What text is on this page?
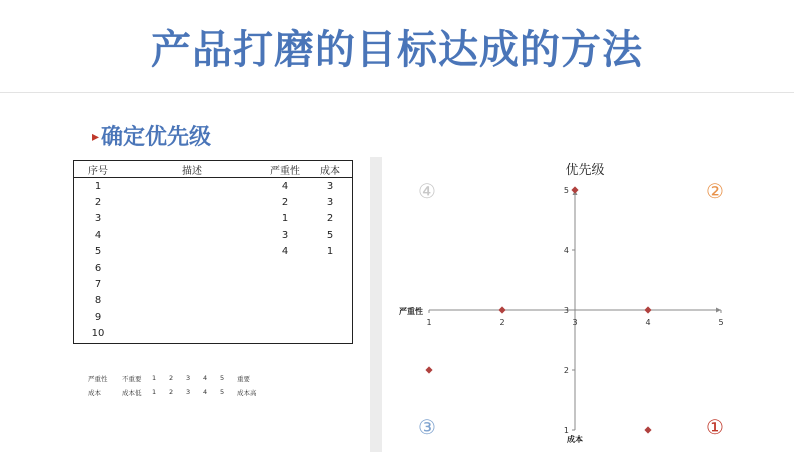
产品打磨的目标达成的方法
▸确定优先级
序号	描述	严重性	成本
1		4	3
2		2	3
3		1	2
4		3	5
5		4	1
6			
7			
8			
9			
10			
严重性	不重要	1	2	3	4	5	重要
成本	成本低	1	2	3	4	5	成本高
优先级
1	2	3	4	5
1
2
3
4
5
严重性
成本
④	②
③	①
